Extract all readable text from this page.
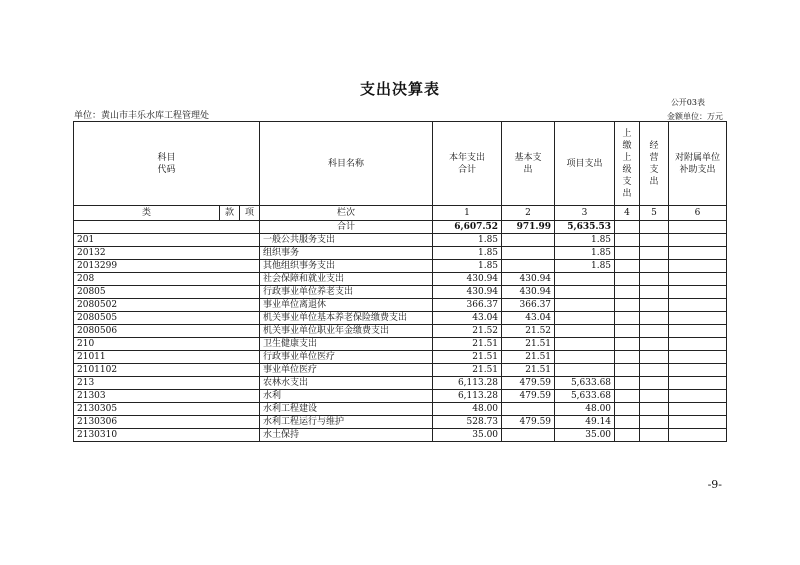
支出决算表
公开03表
单位：黄山市丰乐水库工程管理处	金额单位：万元
科目
代码			科目名称	本年支出
合计	基本支
出	项目支出	上缴上级支出	经营支出	对附属单位
补助支出
类	款	项	栏次	1	2	3	4	5	6
			合计	6,607.52	971.99	5,635.53			
201			一般公共服务支出	1.85		1.85			
20132			组织事务	1.85		1.85			
2013299			其他组织事务支出	1.85		1.85			
208			社会保障和就业支出	430.94	430.94				
20805			行政事业单位养老支出	430.94	430.94				
2080502			事业单位离退休	366.37	366.37				
2080505			机关事业单位基本养老保险缴费支出	43.04	43.04				
2080506			机关事业单位职业年金缴费支出	21.52	21.52				
210			卫生健康支出	21.51	21.51				
21011			行政事业单位医疗	21.51	21.51				
2101102			事业单位医疗	21.51	21.51				
213			农林水支出	6,113.28	479.59	5,633.68			
21303			水利	6,113.28	479.59	5,633.68			
2130305			水利工程建设	48.00		48.00			
2130306			水利工程运行与维护	528.73	479.59	49.14			
2130310			水土保持	35.00		35.00			
-9-
